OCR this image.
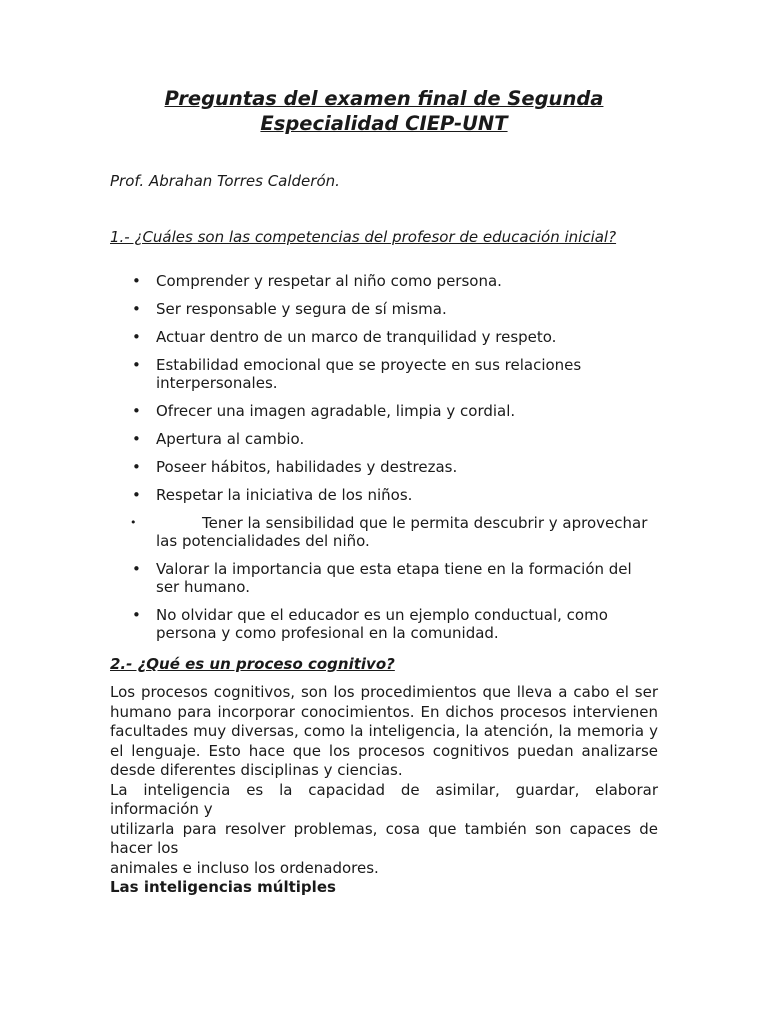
Preguntas del examen final de Segunda
Especialidad CIEP-UNT
Prof. Abrahan Torres Calderón.
1.- ¿Cuáles son las competencias del profesor de educación inicial?
• Comprender y respetar al niño como persona.
• Ser responsable y segura de sí misma.
• Actuar dentro de un marco de tranquilidad y respeto.
• Estabilidad emocional que se proyecte en sus relaciones interpersonales.
• Ofrecer una imagen agradable, limpia y cordial.
• Apertura al cambio.
• Poseer hábitos, habilidades y destrezas.
• Respetar la iniciativa de los niños.
•	Tener la sensibilidad que le permita descubrir y aprovechar las potencialidades del niño.
• Valorar la importancia que esta etapa tiene en la formación del ser humano.
• No olvidar que el educador es un ejemplo conductual, como persona y como profesional en la comunidad.
2.- ¿Qué es un proceso cognitivo?

Los procesos cognitivos, son los procedimientos que lleva a cabo el ser humano para incorporar conocimientos. En dichos procesos intervienen facultades muy diversas, como la inteligencia, la atención, la memoria y el lenguaje. Esto hace que los procesos cognitivos puedan analizarse desde diferentes disciplinas y ciencias.

La inteligencia es la capacidad de asimilar, guardar, elaborar información y

utilizarla para resolver problemas, cosa que también son capaces de hacer los

animales e incluso los ordenadores.

Las inteligencias múltiples
